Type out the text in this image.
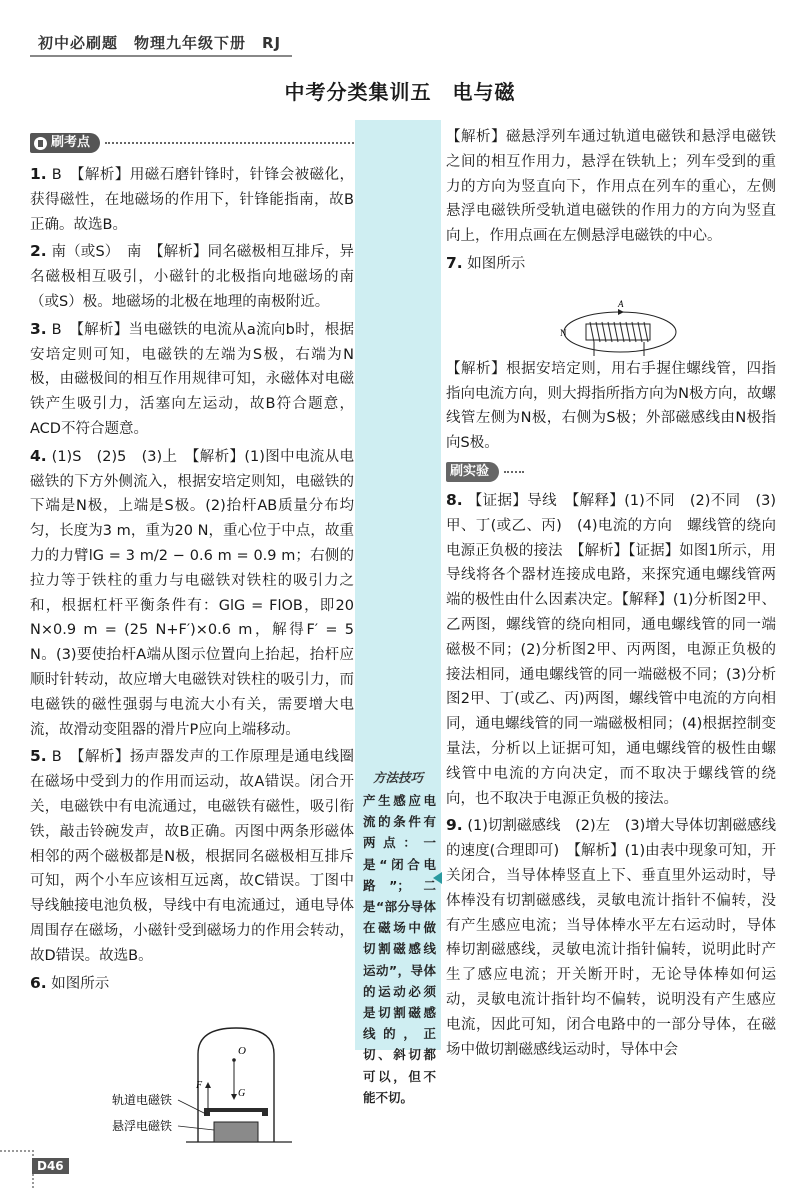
初中必刷题　物理九年级下册　RJ
中考分类集训五　电与磁
刷考点
1. B　【解析】用磁石磨针锋时，针锋会被磁化，获得磁性，在地磁场的作用下，针锋能指南，故B正确。故选B。
2. 南（或S）　南　【解析】同名磁极相互排斥，异名磁极相互吸引，小磁针的北极指向地磁场的南（或S）极。地磁场的北极在地理的南极附近。
3. B　【解析】当电磁铁的电流从a流向b时，根据安培定则可知，电磁铁的左端为S极，右端为N极，由磁极间的相互作用规律可知，永磁体对电磁铁产生吸引力，活塞向左运动，故B符合题意，ACD不符合题意。
4. (1)S　(2)5　(3)上　【解析】(1)图中电流从电磁铁的下方外侧流入，根据安培定则知，电磁铁的下端是N极，上端是S极。(2)抬杆AB质量分布均匀，长度为3 m，重为20 N，重心位于中点，故重力的力臂lG = 3 m/2 − 0.6 m = 0.9 m；右侧的拉力等于铁柱的重力与电磁铁对铁柱的吸引力之和，根据杠杆平衡条件有：GlG = FlOB，即20 N×0.9 m = (25 N+F′)×0.6 m，解得F′ = 5 N。(3)要使抬杆A端从图示位置向上抬起，抬杆应顺时针转动，故应增大电磁铁对铁柱的吸引力，而电磁铁的磁性强弱与电流大小有关，需要增大电流，故滑动变阻器的滑片P应向上端移动。
5. B　【解析】扬声器发声的工作原理是通电线圈在磁场中受到力的作用而运动，故A错误。闭合开关，电磁铁中有电流通过，电磁铁有磁性，吸引衔铁，敲击铃碗发声，故B正确。丙图中两条形磁体相邻的两个磁极都是N极，根据同名磁极相互排斥可知，两个小车应该相互远离，故C错误。丁图中导线触接电池负极，导线中有电流通过，通电导体周围存在磁场，小磁针受到磁场力的作用会转动，故D错误。故选B。
6. 如图所示
O
G
F
轨道电磁铁
悬浮电磁铁
方法技巧
产生感应电流的条件有两点：一是“闭合电路”；二是“部分导体在磁场中做切割磁感线运动”，导体的运动必须是切割磁感线的，正切、斜切都可以，但不能不切。
【解析】磁悬浮列车通过轨道电磁铁和悬浮电磁铁之间的相互作用力，悬浮在铁轨上；列车受到的重力的方向为竖直向下，作用点在列车的重心，左侧悬浮电磁铁所受轨道电磁铁的作用力的方向为竖直向上，作用点画在左侧悬浮电磁铁的中心。
7. 如图所示
【解析】根据安培定则，用右手握住螺线管，四指指向电流方向，则大拇指所指方向为N极方向，故螺线管左侧为N极，右侧为S极；外部磁感线由N极指向S极。
刷实验
8. 【证据】导线　【解释】(1)不同　(2)不同　(3)甲、丁(或乙、丙)　(4)电流的方向　螺线管的绕向　电源正负极的接法　【解析】【证据】如图1所示，用导线将各个器材连接成电路，来探究通电螺线管两端的极性由什么因素决定。【解释】(1)分析图2甲、乙两图，螺线管的绕向相同，通电螺线管的同一端磁极不同；(2)分析图2甲、丙两图，电源正负极的接法相同，通电螺线管的同一端磁极不同；(3)分析图2甲、丁(或乙、丙)两图，螺线管中电流的方向相同，通电螺线管的同一端磁极相同；(4)根据控制变量法，分析以上证据可知，通电螺线管的极性由螺线管中电流的方向决定，而不取决于螺线管的绕向，也不取决于电源正负极的接法。
9. (1)切割磁感线　(2)左　(3)增大导体切割磁感线的速度(合理即可)　【解析】(1)由表中现象可知，开关闭合，当导体棒竖直上下、垂直里外运动时，导体棒没有切割磁感线，灵敏电流计指针不偏转，没有产生感应电流；当导体棒水平左右运动时，导体棒切割磁感线，灵敏电流计指针偏转，说明此时产生了感应电流；开关断开时，无论导体棒如何运动，灵敏电流计指针均不偏转，说明没有产生感应电流，因此可知，闭合电路中的一部分导体，在磁场中做切割磁感线运动时，导体中会
A
N
D46
